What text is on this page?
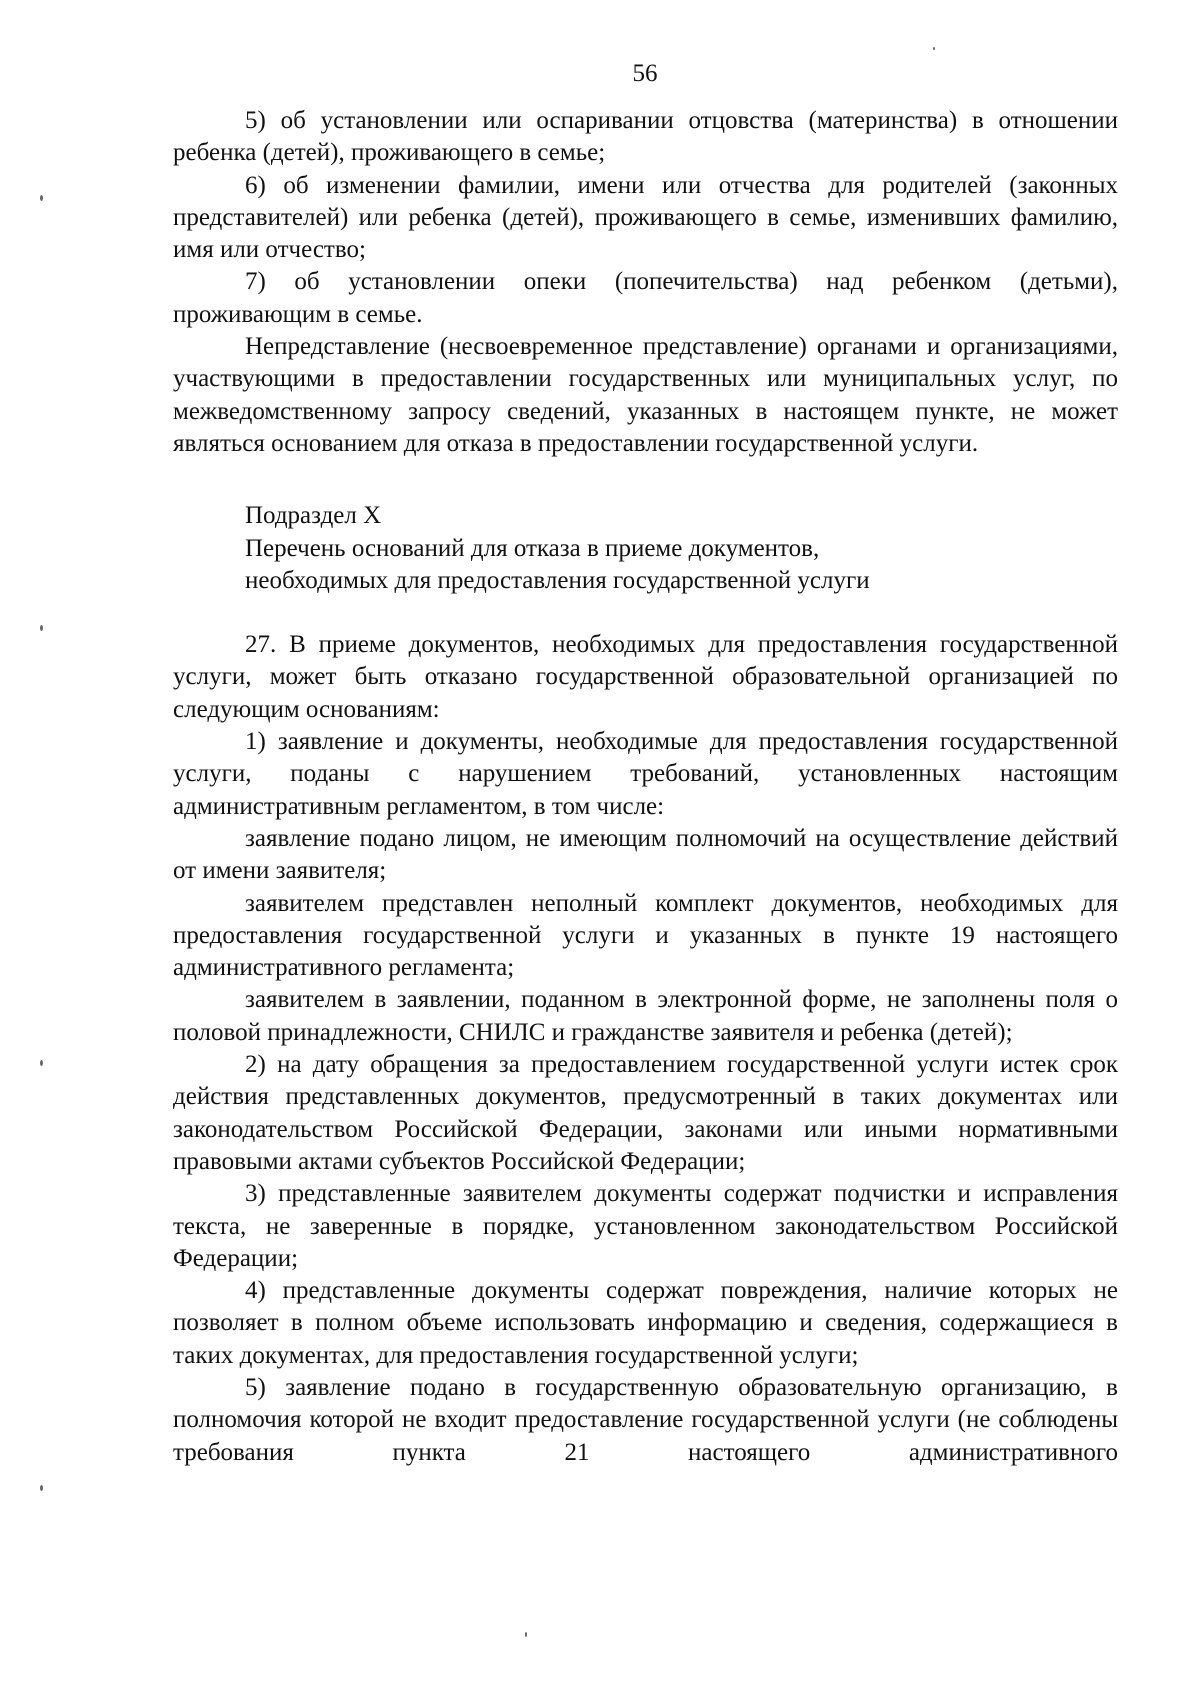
56

5) об установлении или оспаривании отцовства (материнства) в отношении ребенка (детей), проживающего в семье;

6) об изменении фамилии, имени или отчества для родителей (законных представителей) или ребенка (детей), проживающего в семье, изменивших фамилию, имя или отчество;

7) об установлении опеки (попечительства) над ребенком (детьми), проживающим в семье.

Непредставление (несвоевременное представление) органами и организациями, участвующими в предоставлении государственных или муниципальных услуг, по межведомственному запросу сведений, указанных в настоящем пункте, не может являться основанием для отказа в предоставлении государственной услуги.

Подраздел X

Перечень оснований для отказа в приеме документов,

необходимых для предоставления государственной услуги

27. В приеме документов, необходимых для предоставления государственной услуги, может быть отказано государственной образовательной организацией по следующим основаниям:

1) заявление и документы, необходимые для предоставления государственной услуги, поданы с нарушением требований, установленных настоящим административным регламентом, в том числе:

заявление подано лицом, не имеющим полномочий на осуществление действий от имени заявителя;

заявителем представлен неполный комплект документов, необходимых для предоставления государственной услуги и указанных в пункте 19 настоящего административного регламента;

заявителем в заявлении, поданном в электронной форме, не заполнены поля о половой принадлежности, СНИЛС и гражданстве заявителя и ребенка (детей);

2) на дату обращения за предоставлением государственной услуги истек срок действия представленных документов, предусмотренный в таких документах или законодательством Российской Федерации, законами или иными нормативными правовыми актами субъектов Российской Федерации;

3) представленные заявителем документы содержат подчистки и исправления текста, не заверенные в порядке, установленном законодательством Российской Федерации;

4) представленные документы содержат повреждения, наличие которых не позволяет в полном объеме использовать информацию и сведения, содержащиеся в таких документах, для предоставления государственной услуги;

5) заявление подано в государственную образовательную организацию, в полномочия которой не входит предоставление государственной услуги (не соблюдены требования пункта 21 настоящего административного
